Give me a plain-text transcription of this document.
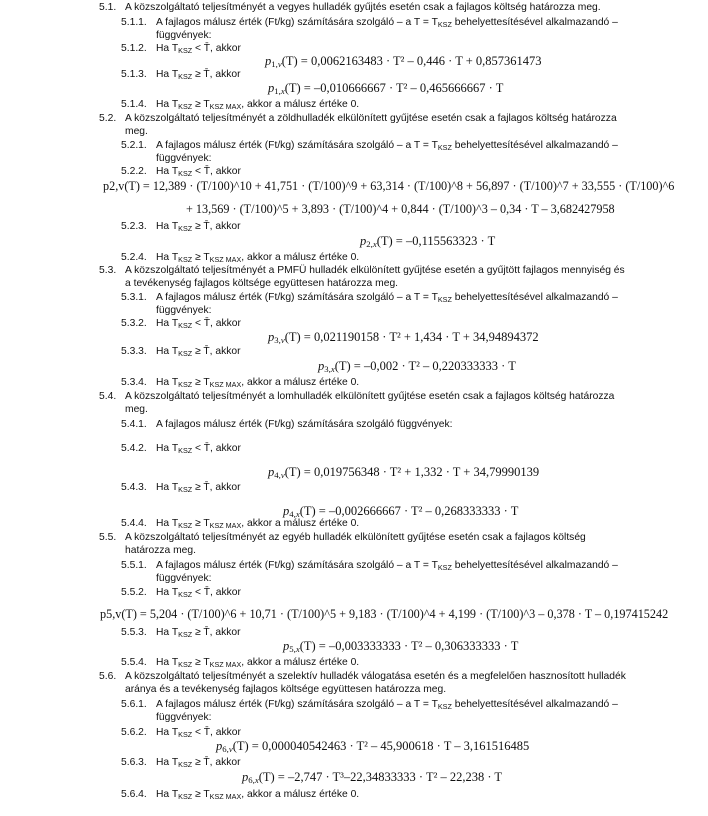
5.1. A közszolgáltató teljesítményét a vegyes hulladék gyűjtés esetén csak a fajlagos költség határozza meg.
5.1.1. A fajlagos málusz érték (Ft/kg) számítására szolgáló – a $T = T_{KSZ}$ behelyettesítésével alkalmazandó –
függvények:
5.1.2. Ha $T_{KSZ}$ < T̄, akkor
$p_{1,v}(T) = 0,0062163483 \cdot T^2 - 0,446 \cdot T + 0,857361473$
5.1.3. Ha $T_{KSZ}$ ≥ T̄, akkor
$p_{1,x}(T) = -0,010666667 \cdot T^2 - 0,465666667 \cdot T$
5.1.4. Ha $T_{KSZ} \ge T_{KSZ MAX}$, akkor a málusz értéke 0.
5.2. A közszolgáltató teljesítményét a zöldhulladék elkülönített gyűjtése esetén csak a fajlagos költség határozza
meg.
5.2.1. A fajlagos málusz érték (Ft/kg) számítására szolgáló – a $T = T_{KSZ}$ behelyettesítésével alkalmazandó –
függvények:
5.2.2. Ha $T_{KSZ}$ < T̄, akkor
p2,v(T) = 12,389 · (T/100)^10 + 41,751 · (T/100)^9 + 63,314 · (T/100)^8 + 56,897 · (T/100)^7 + 33,555 · (T/100)^6
+ 13,569 · (T/100)^5 + 3,893 · (T/100)^4 + 0,844 · (T/100)^3 – 0,34 · T – 3,682427958
5.2.3. Ha $T_{KSZ}$ ≥ T̄, akkor
$p_{2,x}(T) = -0,115563323 \cdot T$
5.2.4. Ha $T_{KSZ} \ge T_{KSZ MAX}$, akkor a málusz értéke 0.
5.3. A közszolgáltató teljesítményét a PMFÜ hulladék elkülönített gyűjtése esetén a gyűjtött fajlagos mennyiség és
a tevékenység fajlagos költsége együttesen határozza meg.
5.3.1. A fajlagos málusz érték (Ft/kg) számítására szolgáló – a $T = T_{KSZ}$ behelyettesítésével alkalmazandó –
függvények:
5.3.2. Ha $T_{KSZ}$ < T̄, akkor
$p_{3,v}(T) = 0,021190158 \cdot T^2 + 1,434 \cdot T + 34,94894372$
5.3.3. Ha $T_{KSZ}$ ≥ T̄, akkor
$p_{3,x}(T) = -0,002 \cdot T^2 - 0,220333333 \cdot T$
5.3.4. Ha $T_{KSZ} \ge T_{KSZ MAX}$, akkor a málusz értéke 0.
5.4. A közszolgáltató teljesítményét a lomhulladék elkülönített gyűjtése esetén csak a fajlagos költség határozza
meg.
5.4.1. A fajlagos málusz érték (Ft/kg) számítására szolgáló függvények:
5.4.2. Ha $T_{KSZ}$ < T̄, akkor
$p_{4,v}(T) = 0,019756348 \cdot T^2 + 1,332 \cdot T + 34,79990139$
5.4.3. Ha $T_{KSZ}$ ≥ T̄, akkor
$p_{4,x}(T) = -0,002666667 \cdot T^2 - 0,268333333 \cdot T$
5.4.4. Ha $T_{KSZ} \ge T_{KSZ MAX}$, akkor a málusz értéke 0.
5.5. A közszolgáltató teljesítményét az egyéb hulladék elkülönített gyűjtése esetén csak a fajlagos költség
határozza meg.
5.5.1. A fajlagos málusz érték (Ft/kg) számítására szolgáló – a $T = T_{KSZ}$ behelyettesítésével alkalmazandó –
függvények:
5.5.2. Ha $T_{KSZ}$ < T̄, akkor
p5,v(T) = 5,204 · (T/100)^6 + 10,71 · (T/100)^5 + 9,183 · (T/100)^4 + 4,199 · (T/100)^3 – 0,378 · T – 0,197415242
5.5.3. Ha $T_{KSZ}$ ≥ T̄, akkor
$p_{5,x}(T) = -0,003333333 \cdot T^2 - 0,306333333 \cdot T$
5.5.4. Ha $T_{KSZ} \ge T_{KSZ MAX}$, akkor a málusz értéke 0.
5.6. A közszolgáltató teljesítményét a szelektív hulladék válogatása esetén és a megfelelően hasznosított hulladék
aránya és a tevékenység fajlagos költsége együttesen határozza meg.
5.6.1. A fajlagos málusz érték (Ft/kg) számítására szolgáló – a $T = T_{KSZ}$ behelyettesítésével alkalmazandó –
függvények:
5.6.2. Ha $T_{KSZ}$ < T̄, akkor
$p_{6,v}(T) = 0,000040542463 \cdot T^2 - 45,900618 \cdot T - 3,161516485$
5.6.3. Ha $T_{KSZ}$ ≥ T̄, akkor
$p_{6,x}(T) = -2,747 \cdot T^3-22,34833333 \cdot T^2 - 22,238 \cdot T$
5.6.4. Ha $T_{KSZ} \ge T_{KSZ MAX}$, akkor a málusz értéke 0.
